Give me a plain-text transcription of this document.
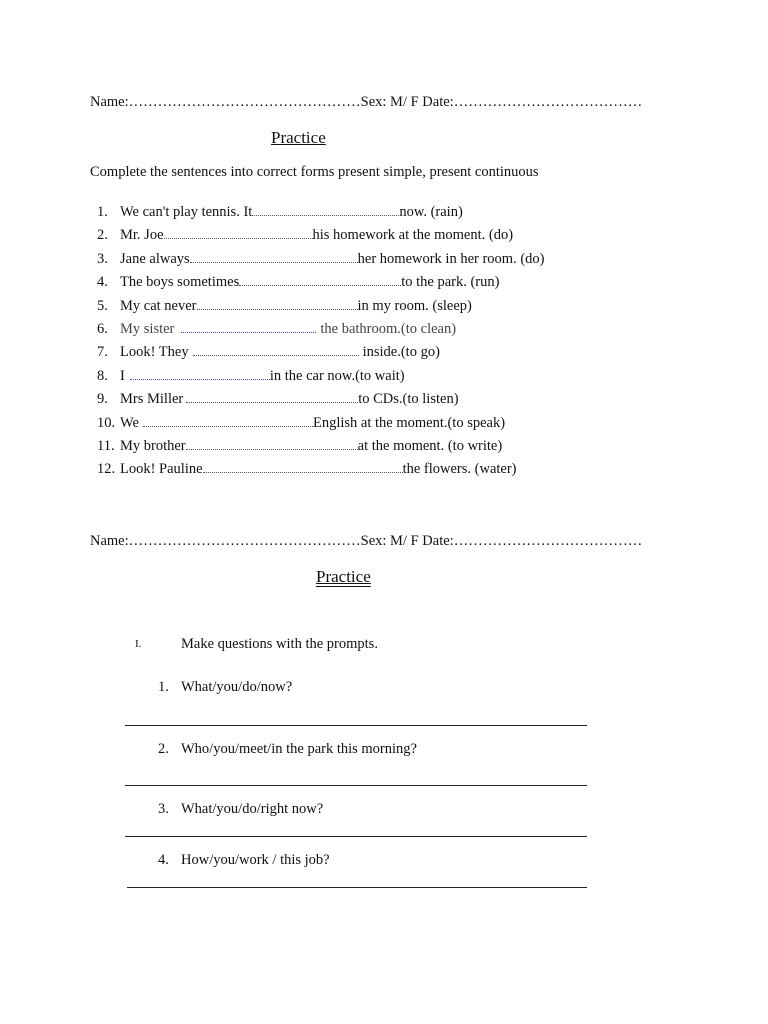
Name:…………………………………………Sex: M/ F Date:…………………………………
Practice
Complete the sentences into correct forms present simple, present continuous
1. We can't play tennis. It	now. (rain)
2. Mr. Joe	his homework at the moment. (do)
3. Jane always	her homework in her room. (do)
4. The boys sometimes	to the park. (run)
5. My cat never	in my room. (sleep)
6. My sister	the bathroom.(to clean)
7. Look! They	inside.(to go)
8. I	in the car now.(to wait)
9. Mrs Miller	to CDs.(to listen)
10. We	English at the moment.(to speak)
11. My brother	at the moment. (to write)
12. Look! Pauline	the flowers. (water)
Name:…………………………………………Sex: M/ F Date:…………………………………
Practice
I.	Make questions with the prompts.
1. What/you/do/now?
2. Who/you/meet/in the park this morning?
3. What/you/do/right now?
4. How/you/work / this job?
